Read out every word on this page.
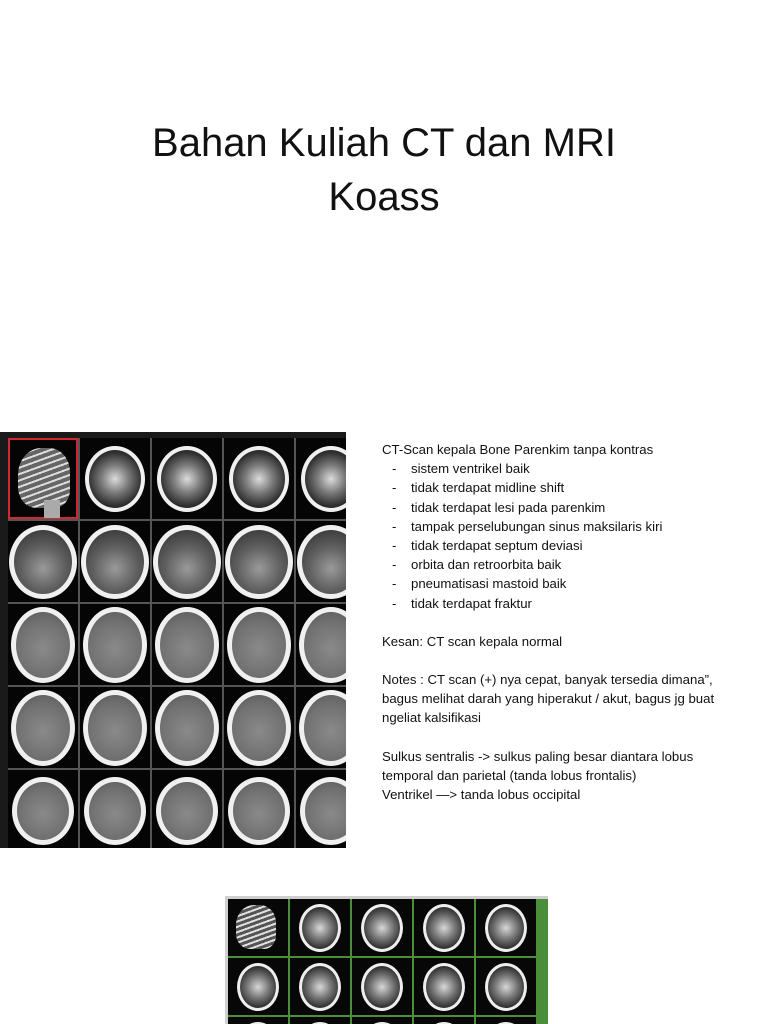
Bahan Kuliah CT dan MRI
Koass

CT-Scan kepala Bone Parenkim tanpa kontras

- sistem ventrikel baik
- tidak terdapat midline shift
- tidak terdapat lesi pada parenkim
- tampak perselubungan sinus maksilaris kiri
- tidak terdapat septum deviasi
- orbita dan retroorbita baik
- pneumatisasi mastoid baik
- tidak terdapat fraktur

Kesan: CT scan kepala normal

Notes : CT scan (+) nya cepat, banyak tersedia dimana”, bagus melihat darah yang hiperakut / akut, bagus jg buat ngeliat kalsifikasi

Sulkus sentralis -> sulkus paling besar diantara lobus temporal dan parietal (tanda lobus frontalis)

Ventrikel —> tanda lobus occipital
